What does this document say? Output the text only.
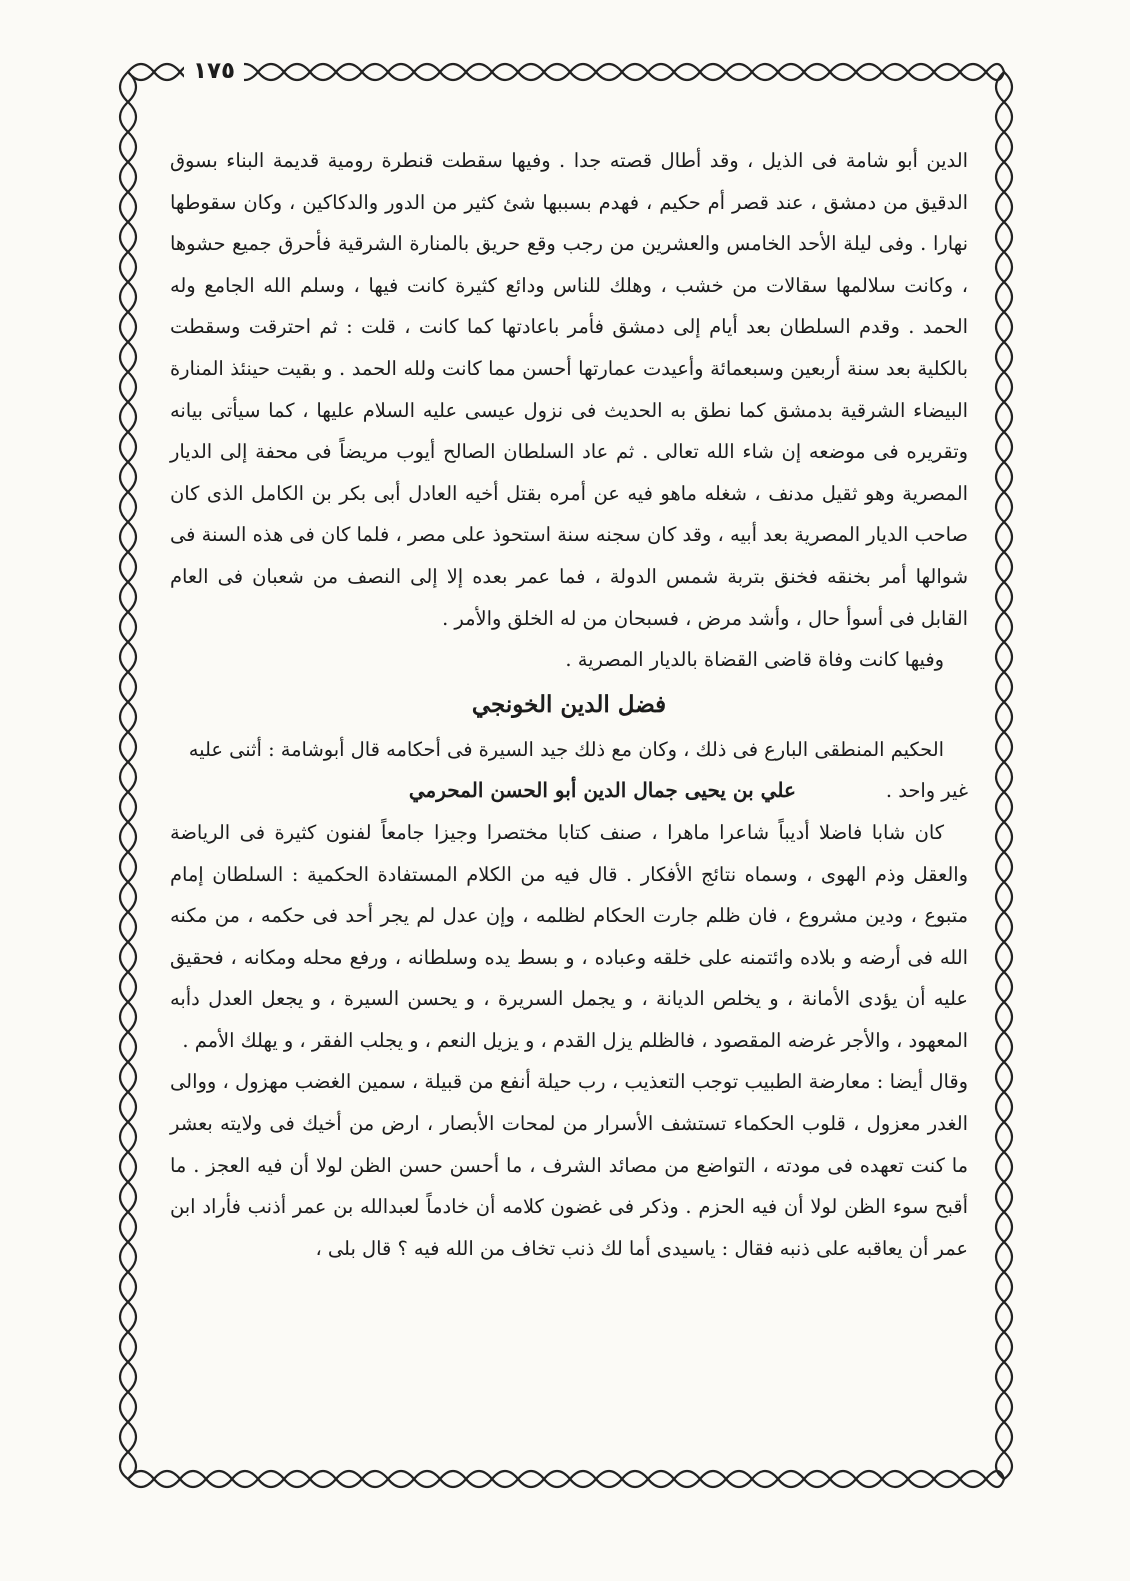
١٧٥

الدين أبو شامة فى الذيل ، وقد أطال قصته جدا . وفيها سقطت قنطرة رومية قديمة البناء بسوق الدقيق من دمشق ، عند قصر أم حكيم ، فهدم بسببها شئ كثير من الدور والدكاكين ، وكان سقوطها نهارا . وفى ليلة الأحد الخامس والعشرين من رجب وقع حريق بالمنارة الشرقية فأحرق جميع حشوها ، وكانت سلالمها سقالات من خشب ، وهلك للناس ودائع كثيرة كانت فيها ، وسلم الله الجامع وله الحمد . وقدم السلطان بعد أيام إلى دمشق فأمر باعادتها كما كانت ، قلت : ثم احترقت وسقطت بالكلية بعد سنة أربعين وسبعمائة وأعيدت عمارتها أحسن مما كانت ولله الحمد . و بقيت حينئذ المنارة البيضاء الشرقية بدمشق كما نطق به الحديث فى نزول عيسى عليه السلام عليها ، كما سيأتى بيانه وتقريره فى موضعه إن شاء الله تعالى . ثم عاد السلطان الصالح أيوب مريضاً فى محفة إلى الديار المصرية وهو ثقيل مدنف ، شغله ماهو فيه عن أمره بقتل أخيه العادل أبى بكر بن الكامل الذى كان صاحب الديار المصرية بعد أبيه ، وقد كان سجنه سنة استحوذ على مصر ، فلما كان فى هذه السنة فى شوالها أمر بخنقه فخنق بتربة شمس الدولة ، فما عمر بعده إلا إلى النصف من شعبان فى العام القابل فى أسوأ حال ، وأشد مرض ، فسبحان من له الخلق والأمر .

وفيها كانت وفاة قاضى القضاة بالديار المصرية .

فضل الدين الخونجي

الحكيم المنطقى البارع فى ذلك ، وكان مع ذلك جيد السيرة فى أحكامه قال أبوشامة : أثنى عليه

غير واحد .
علي بن يحيى جمال الدين أبو الحسن المحرمي

كان شابا فاضلا أديباً شاعرا ماهرا ، صنف كتابا مختصرا وجيزا جامعاً لفنون كثيرة فى الرياضة والعقل وذم الهوى ، وسماه نتائج الأفكار . قال فيه من الكلام المستفادة الحكمية : السلطان إمام متبوع ، ودين مشروع ، فان ظلم جارت الحكام لظلمه ، وإن عدل لم يجر أحد فى حكمه ، من مكنه الله فى أرضه و بلاده وائتمنه على خلقه وعباده ، و بسط يده وسلطانه ، ورفع محله ومكانه ، فحقيق عليه أن يؤدى الأمانة ، و يخلص الديانة ، و يجمل السريرة ، و يحسن السيرة ، و يجعل العدل دأبه المعهود ، والأجر غرضه المقصود ، فالظلم يزل القدم ، و يزيل النعم ، و يجلب الفقر ، و يهلك الأمم .

وقال أيضا : معارضة الطبيب توجب التعذيب ، رب حيلة أنفع من قبيلة ، سمين الغضب مهزول ، ووالى الغدر معزول ، قلوب الحكماء تستشف الأسرار من لمحات الأبصار ، ارض من أخيك فى ولايته بعشر ما كنت تعهده فى مودته ، التواضع من مصائد الشرف ، ما أحسن حسن الظن لولا أن فيه العجز . ما أقبح سوء الظن لولا أن فيه الحزم . وذكر فى غضون كلامه أن خادماً لعبدالله بن عمر أذنب فأراد ابن عمر أن يعاقبه على ذنبه فقال : ياسيدى أما لك ذنب تخاف من الله فيه ؟ قال بلى ،
